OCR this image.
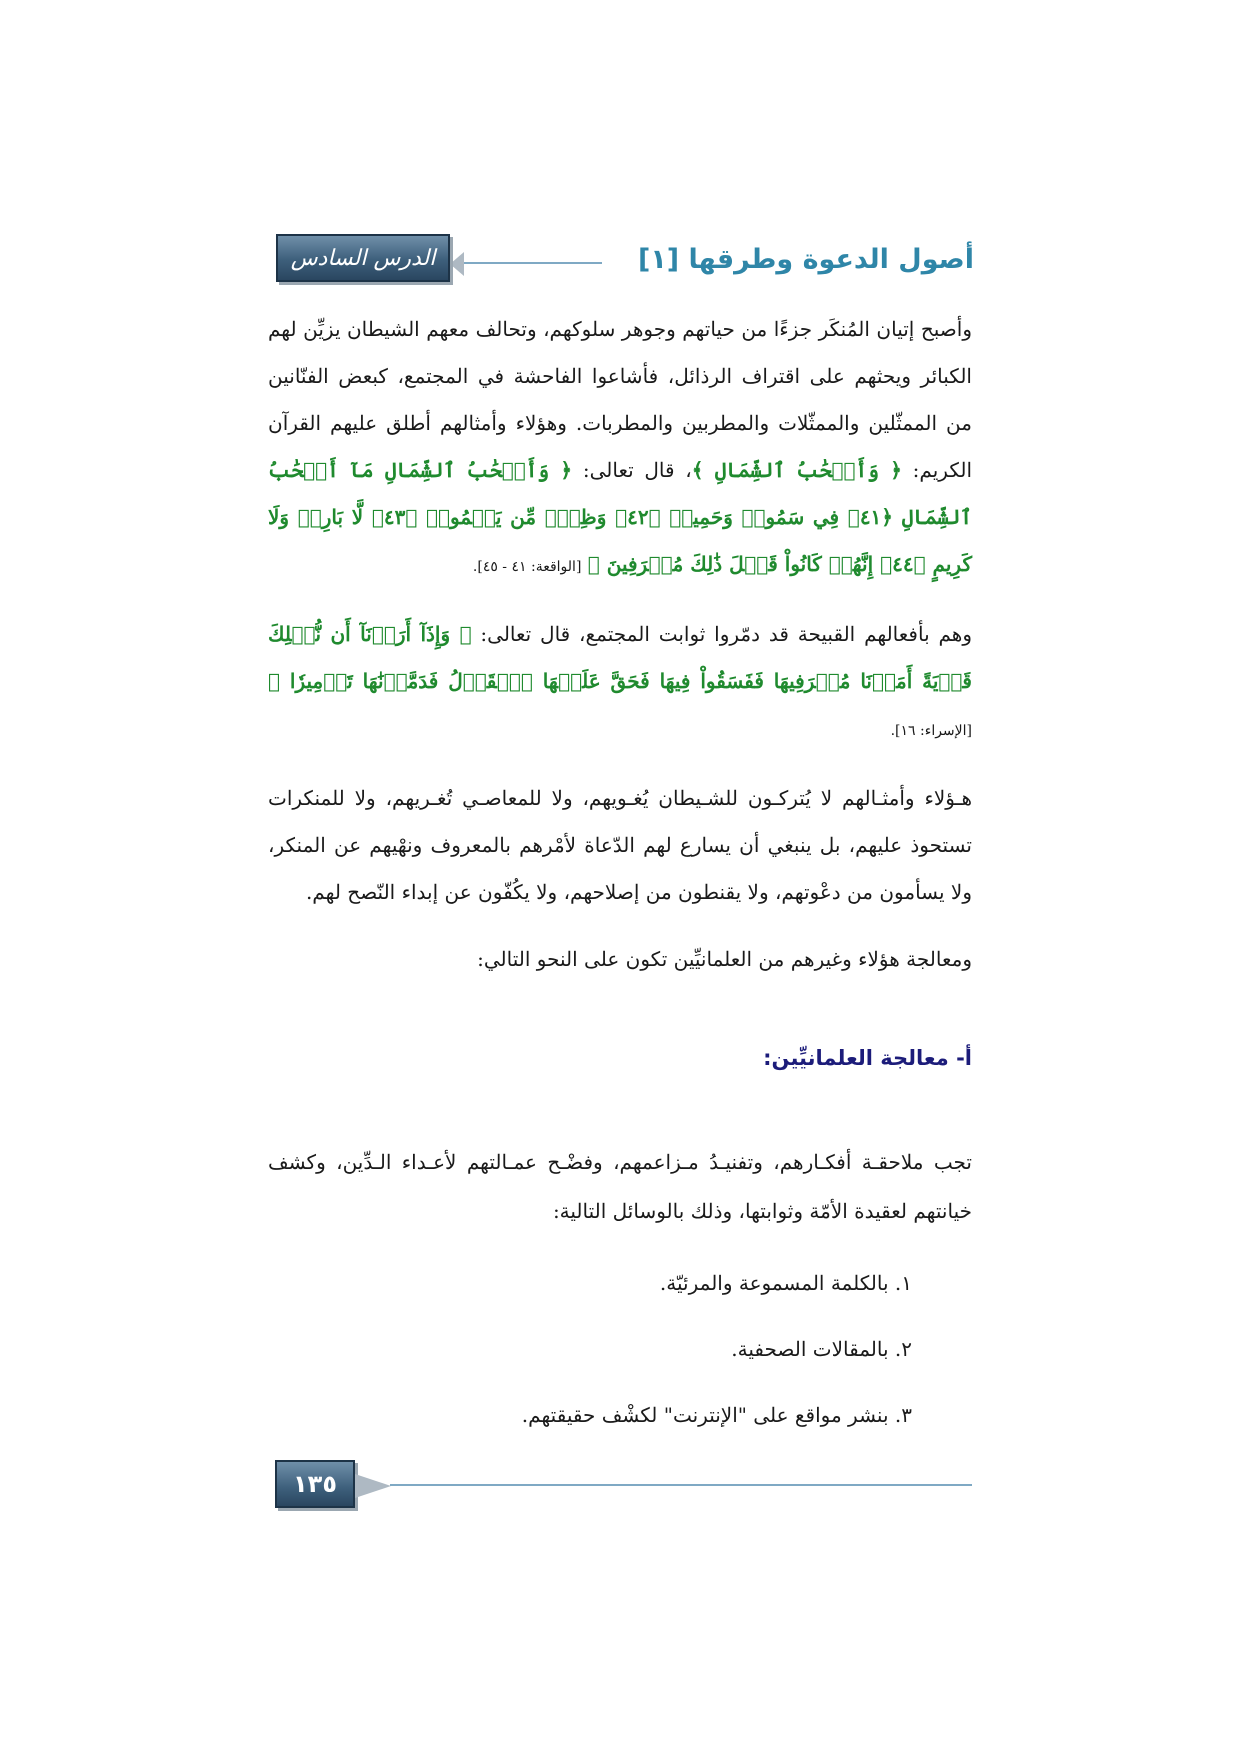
أصول الدعوة وطرقها [١]
الدرس السادس

وأصبح إتيان المُنكَر جزءًا من حياتهم وجوهر سلوكهم، وتحالف معهم الشيطان يزيِّن لهم الكبائر ويحثهم على اقتراف الرذائل، فأشاعوا الفاحشة في المجتمع، كبعض الفنّانين من الممثّلين والممثّلات والمطربين والمطربات. وهؤلاء وأمثالهم أطلق عليهم القرآن الكريم: ﴿ وَأَصۡحَٰبُ ٱلشِّمَالِ ﴾، قال تعالى: ﴿ وَأَصۡحَٰبُ ٱلشِّمَالِ مَآ أَصۡحَٰبُ ٱلشِّمَالِ ﴿٤١﴾ فِي سَمُومٖ وَحَمِيمٖ ﴿٤٢﴾ وَظِلّٖ مِّن يَحۡمُومٖ ﴿٤٣﴾ لَّا بَارِدٖ وَلَا كَرِيمٍ ﴿٤٤﴾ إِنَّهُمۡ كَانُواْ قَبۡلَ ذَٰلِكَ مُتۡرَفِينَ ﴾ [الواقعة: ٤١ - ٤٥].

وهم بأفعالهم القبيحة قد دمّروا ثوابت المجتمع، قال تعالى: ﴿ وَإِذَآ أَرَدۡنَآ أَن نُّهۡلِكَ قَرۡيَةً أَمَرۡنَا مُتۡرَفِيهَا فَفَسَقُواْ فِيهَا فَحَقَّ عَلَيۡهَا ٱلۡقَوۡلُ فَدَمَّرۡنَٰهَا تَدۡمِيرٗا ﴾ [الإسراء: ١٦].

هـؤلاء وأمثـالهم لا يُتركـون للشـيطان يُغـويهم، ولا للمعاصـي تُغـريهم، ولا للمنكرات تستحوذ عليهم، بل ينبغي أن يسارع لهم الدّعاة لأمْرهم بالمعروف ونهْيهم عن المنكر، ولا يسأمون من دعْوتهم، ولا يقنطون من إصلاحهم، ولا يكُفّون عن إبداء النّصح لهم.

ومعالجة هؤلاء وغيرهم من العلمانيِّين تكون على النحو التالي:

أ- معالجة العلمانيِّين:

تجب ملاحقـة أفكـارهم، وتفنيـدُ مـزاعمهم، وفضْـح عمـالتهم لأعـداء الـدِّين، وكشف خيانتهم لعقيدة الأمّة وثوابتها، وذلك بالوسائل التالية:

١. بالكلمة المسموعة والمرئيّة.
٢. بالمقالات الصحفية.
٣. بنشر مواقع على "الإنترنت" لكشْف حقيقتهم.
١٣٥
